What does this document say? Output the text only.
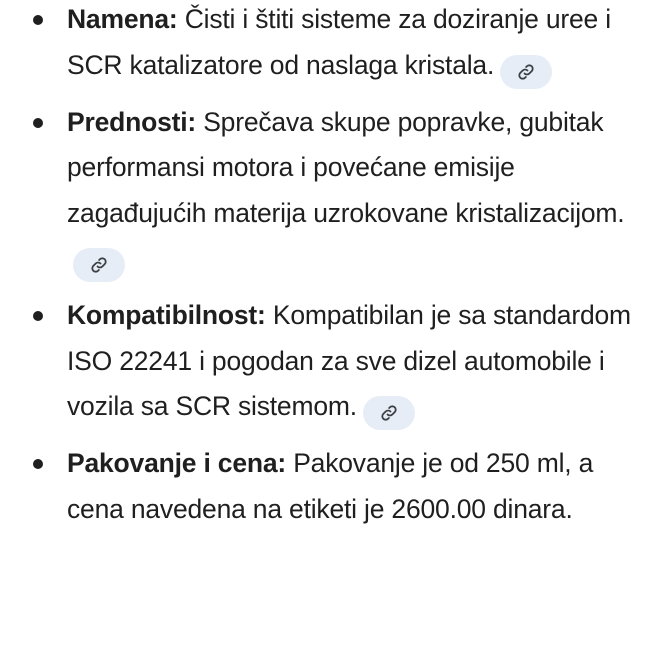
Namena: Čisti i štiti sisteme za doziranje uree i SCR katalizatore od naslaga kristala.
Prednosti: Sprečava skupe popravke, gubitak performansi motora i povećane emisije zagađujućih materija uzrokovane kristalizacijom.
Kompatibilnost: Kompatibilan je sa standardom ISO 22241 i pogodan za sve dizel automobile i vozila sa SCR sistemom.
Pakovanje i cena: Pakovanje je od 250 ml, a cena navedena na etiketi je 2600.00 dinara.
